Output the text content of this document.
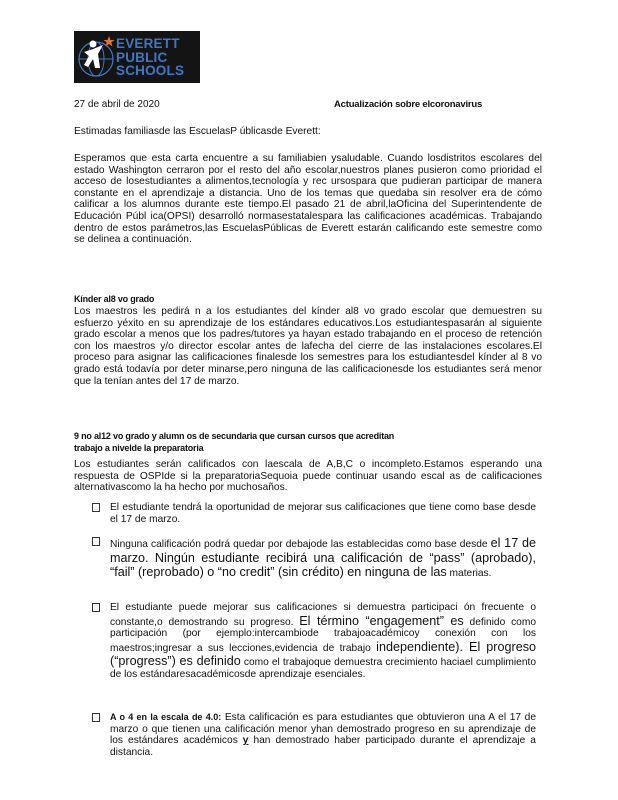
EVERETT
PUBLIC
SCHOOLS
27 de abril de 2020	Actualización sobre elcoronavirus
Estimadas familiasde las EscuelasP úblicasde Everett:
Esperamos que esta carta encuentre a su familiabien ysaludable. Cuando losdistritos escolares del estado Washington cerraron por el resto del año escolar,nuestros planes pusieron como prioridad el acceso de losestudiantes a alimentos,tecnología y rec ursospara que pudieran participar de manera constante en el aprendizaje a distancia. Uno de los temas que quedaba sin resolver era de cómo calificar a los alumnos durante este tiempo.El pasado 21 de abril,laOficina del Superintendente de Educación Públ ica(OPSI) desarrolló normasestatalespara las calificaciones académicas. Trabajando dentro de estos parámetros,las EscuelasPúblicas de Everett estarán calificando este semestre como se delinea a continuación.
Kínder al8 vo grado
Los maestros les pedirá n a los estudiantes del kínder al8 vo grado escolar que demuestren su esfuerzo yéxito en su aprendizaje de los estándares educativos.Los estudiantespasarán al siguiente grado escolar a menos que los padres/tutores ya hayan estado trabajando en el proceso de retención con los maestros y/o director escolar antes de lafecha del cierre de las instalaciones escolares.El proceso para asignar las calificaciones finalesde los semestres para los estudiantesdel kínder al 8 vo grado está todavía por deter minarse,pero ninguna de las calificacionesde los estudiantes será menor que la tenían antes del 17 de marzo.
9 no al12 vo grado y alumn os de secundaria que cursan cursos que acreditan
trabajo a nivelde la preparatoria
Los estudiantes serán calificados con laescala de A,B,C o incompleto.Estamos esperando una respuesta de OSPIde si la preparatoriaSequoia puede continuar usando escal as de calificaciones alternativascomo la ha hecho por muchosaños.
El estudiante tendrá la oportunidad de mejorar sus calificaciones que tiene como base desde el 17 de marzo.
Ninguna calificación podrá quedar por debajode las establecidas como base desde el 17 de marzo. Ningún estudiante recibirá una calificación de “pass” (aprobado), “fail” (reprobado) o “no credit” (sin crédito) en ninguna de las materias.
El estudiante puede mejorar sus calificaciones si demuestra participaci ón frecuente o constante,o demostrando su progreso. El término “engagement” es definido como participación (por ejemplo:intercambiode trabajoacadémicoy conexión con los maestros;ingresar a sus lecciones,evidencia de trabajo independiente). El progreso (“progress”) es definido como el trabajoque demuestra crecimiento haciael cumplimiento de los estándaresacadémicosde aprendizaje esenciales.
A o 4 en la escala de 4.0: Esta calificación es para estudiantes que obtuvieron una A el 17 de marzo o que tienen una calificación menor yhan demostrado progreso en su aprendizaje de los estándares académicos y han demostrado haber participado durante el aprendizaje a distancia.
